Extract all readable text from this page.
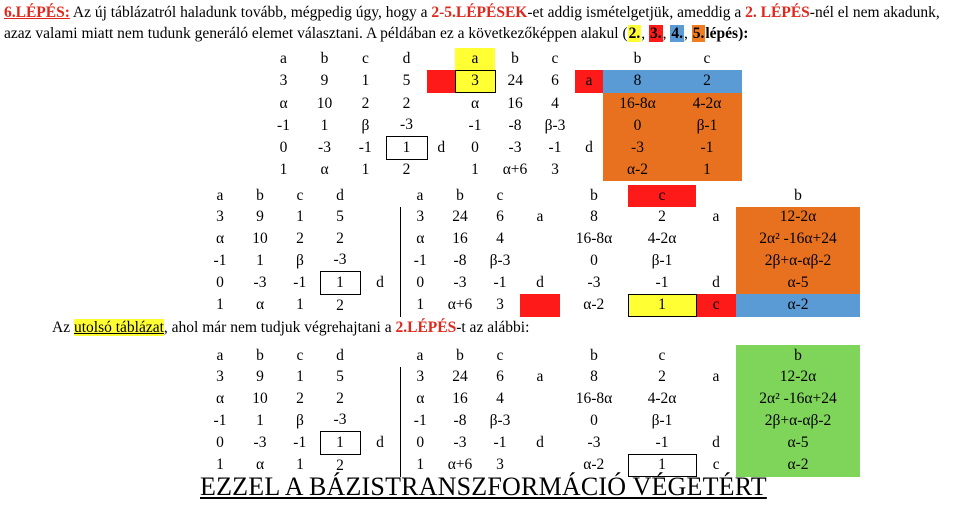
6.LÉPÉS: Az új táblázatról haladunk tovább, mégpedig úgy, hogy a 2-5.LÉPÉSEK-et addig ismételgetjük, ameddig a 2. LÉPÉS-nél el nem akadunk, azaz valami miatt nem tudunk generáló elemet választani. A példában ez a következőképpen alakul (2., 3., 4., 5.lépés):
a	b	c	d		a	b	c		b	c
3	9	1	5		3	24	6	a	8	2
α	10	2	2		α	16	4		16-8α	4-2α
-1	1	β	-3		-1	-8	β-3		0	β-1
0	-3	-1	1	d	0	-3	-1	d	-3	-1
1	α	1	2		1	α+6	3		α-2	1
a	b	c	d		a	b	c		b	c		b
3	9	1	5		3	24	6	a	8	2	a	12-2α
α	10	2	2		α	16	4		16-8α	4-2α		2α² -16α+24
-1	1	β	-3		-1	-8	β-3		0	β-1		2β+α-αβ-2
0	-3	-1	1	d	0	-3	-1	d	-3	-1	d	α-5
1	α	1	2		1	α+6	3		α-2	1	c	α-2
Az utolsó táblázat, ahol már nem tudjuk végrehajtani a 2.LÉPÉS-t az alábbi:
a	b	c	d		a	b	c		b	c		b
3	9	1	5		3	24	6	a	8	2	a	12-2α
α	10	2	2		α	16	4		16-8α	4-2α		2α² -16α+24
-1	1	β	-3		-1	-8	β-3		0	β-1		2β+α-αβ-2
0	-3	-1	1	d	0	-3	-1	d	-3	-1	d	α-5
1	α	1	2		1	α+6	3		α-2	1	c	α-2
EZZEL A BÁZISTRANSZFORMÁCIÓ VÉGETÉRT
